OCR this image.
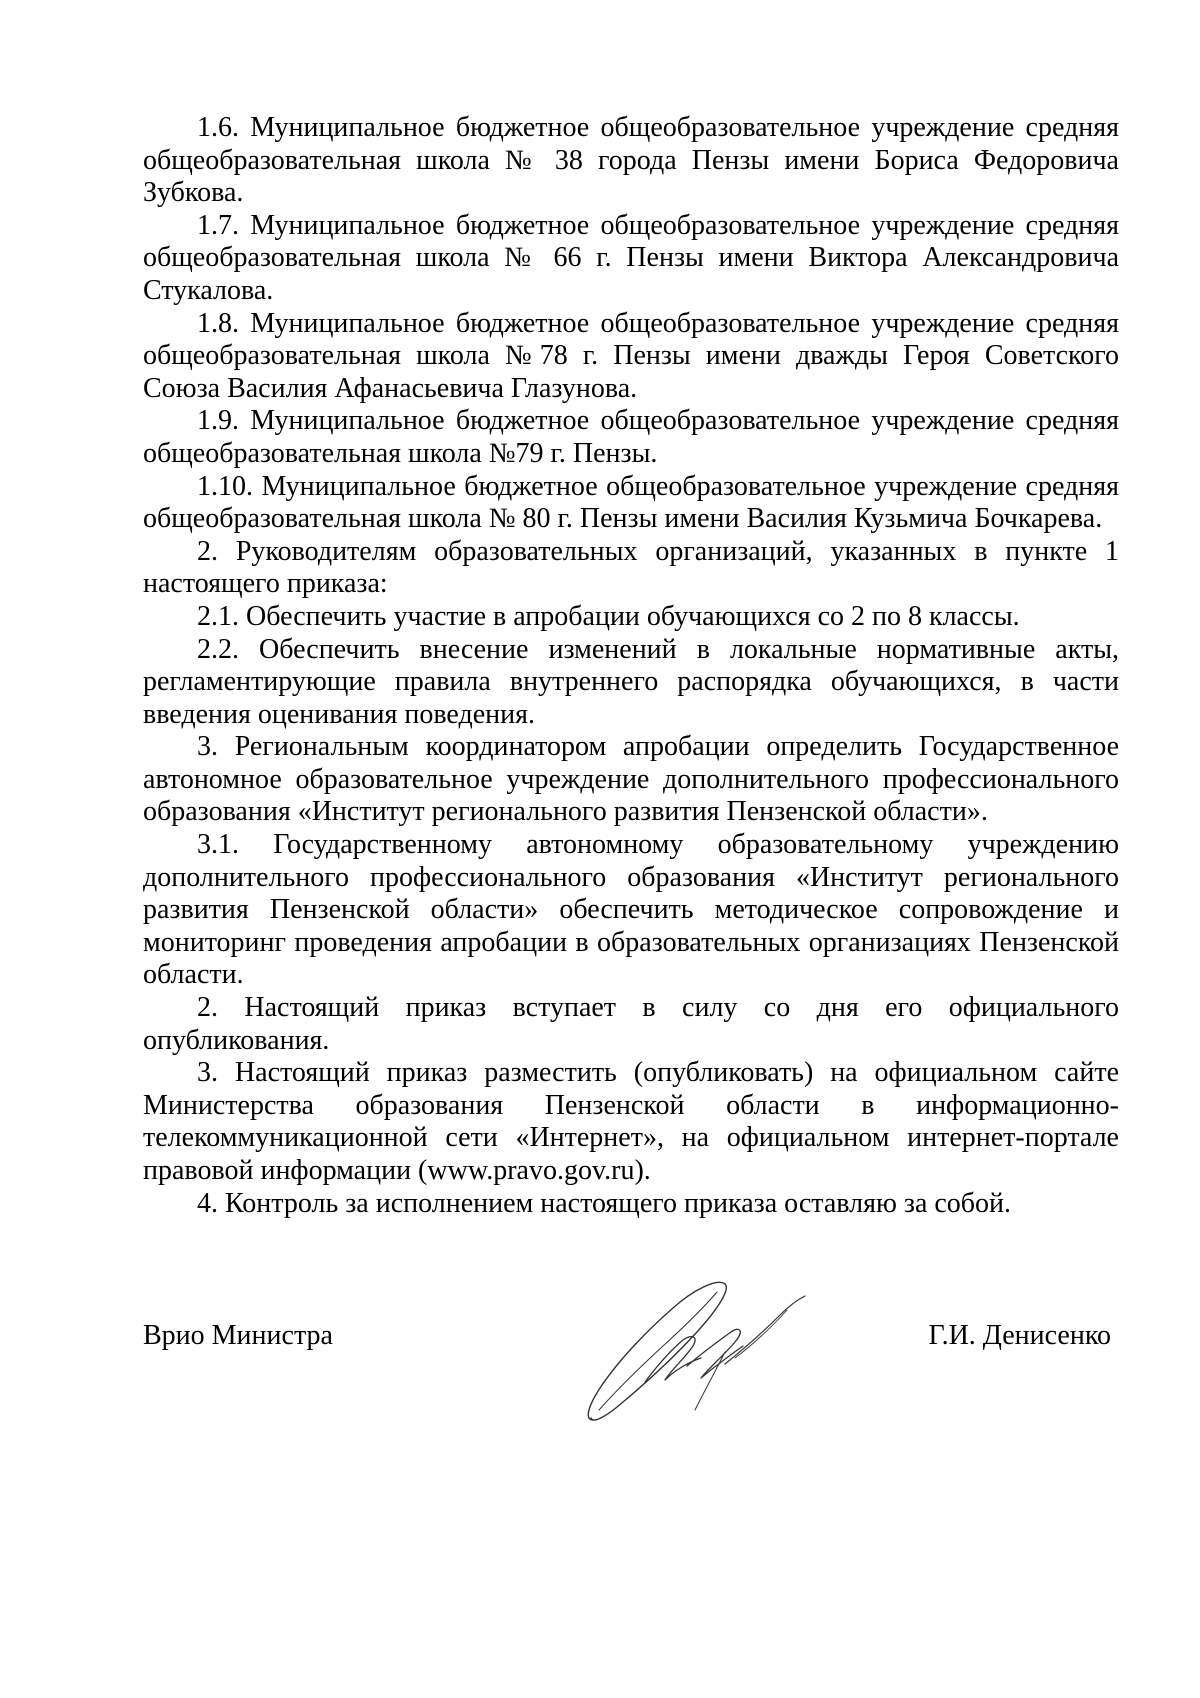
1.6. Муниципальное бюджетное общеобразовательное учреждение средняя общеобразовательная школа № 38 города Пензы имени Бориса Федоровича Зубкова.

1.7. Муниципальное бюджетное общеобразовательное учреждение средняя общеобразовательная школа № 66 г. Пензы имени Виктора Александровича Стукалова.

1.8. Муниципальное бюджетное общеобразовательное учреждение средняя общеобразовательная школа №78 г. Пензы имени дважды Героя Советского Союза Василия Афанасьевича Глазунова.

1.9. Муниципальное бюджетное общеобразовательное учреждение средняя общеобразовательная школа №79 г. Пензы.

1.10. Муниципальное бюджетное общеобразовательное учреждение средняя общеобразовательная школа № 80 г. Пензы имени Василия Кузьмича Бочкарева.

2. Руководителям образовательных организаций, указанных в пункте 1 настоящего приказа:

2.1. Обеспечить участие в апробации обучающихся со 2 по 8 классы.

2.2. Обеспечить внесение изменений в локальные нормативные акты, регламентирующие правила внутреннего распорядка обучающихся, в части введения оценивания поведения.

3. Региональным координатором апробации определить Государственное автономное образовательное учреждение дополнительного профессионального образования «Институт регионального развития Пензенской области».

3.1. Государственному автономному образовательному учреждению дополнительного профессионального образования «Институт регионального развития Пензенской области» обеспечить методическое сопровождение и мониторинг проведения апробации в образовательных организациях Пензенской области.

2. Настоящий приказ вступает в силу со дня его официального опубликования.

3. Настоящий приказ разместить (опубликовать) на официальном сайте Министерства образования Пензенской области в информационно-телекоммуникационной сети «Интернет», на официальном интернет-портале правовой информации (www.pravo.gov.ru).

4. Контроль за исполнением настоящего приказа оставляю за собой.

Врио Министра	Г.И. Денисенко
